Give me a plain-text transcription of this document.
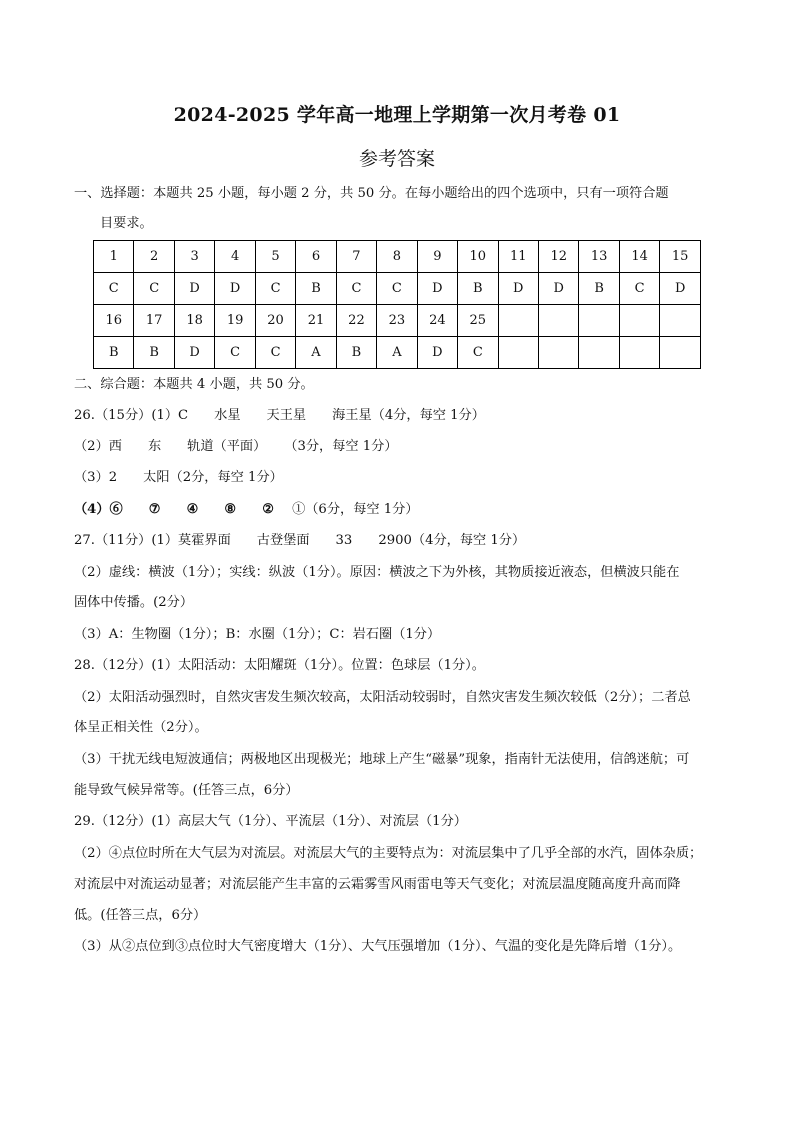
2024-2025 学年高一地理上学期第一次月考卷 01
参考答案
一、选择题：本题共 25 小题，每小题 2 分，共 50 分。在每小题给出的四个选项中，只有一项符合题
目要求。
1	2	3	4	5	6	7	8	9	10	11	12	13	14	15
C	C	D	D	C	B	C	C	D	B	D	D	B	C	D
16	17	18	19	20	21	22	23	24	25					
B	B	D	C	C	A	B	A	D	C					
二、综合题：本题共 4 小题，共 50 分。
26.（15分）(1）C 水星 天王星 海王星（4分，每空 1分）
（2）西 东 轨道（平面） （3分，每空 1分）
（3）2 太阳（2分，每空 1分）
（4）⑥ ⑦ ④ ⑧ ② ①（6分，每空 1分）
27.（11分）(1）莫霍界面 古登堡面 33 2900（4分，每空 1分）
（2）虚线：横波（1分）；实线：纵波（1分）。原因：横波之下为外核，其物质接近液态，但横波只能在
固体中传播。(2分）
（3）A：生物圈（1分）；B：水圈（1分）；C：岩石圈（1分）
28.（12分）(1）太阳活动：太阳耀斑（1分）。位置：色球层（1分）。
（2）太阳活动强烈时，自然灾害发生频次较高，太阳活动较弱时，自然灾害发生频次较低（2分）；二者总
体呈正相关性（2分）。
（3）干扰无线电短波通信；两极地区出现极光；地球上产生“磁暴”现象，指南针无法使用，信鸽迷航；可
能导致气候异常等。(任答三点，6分）
29.（12分）(1）高层大气（1分）、平流层（1分）、对流层（1分）
（2）④点位时所在大气层为对流层。对流层大气的主要特点为：对流层集中了几乎全部的水汽，固体杂质；
对流层中对流运动显著；对流层能产生丰富的云霜雾雪风雨雷电等天气变化；对流层温度随高度升高而降
低。(任答三点，6分）
（3）从②点位到③点位时大气密度增大（1分）、大气压强增加（1分）、气温的变化是先降后增（1分）。
